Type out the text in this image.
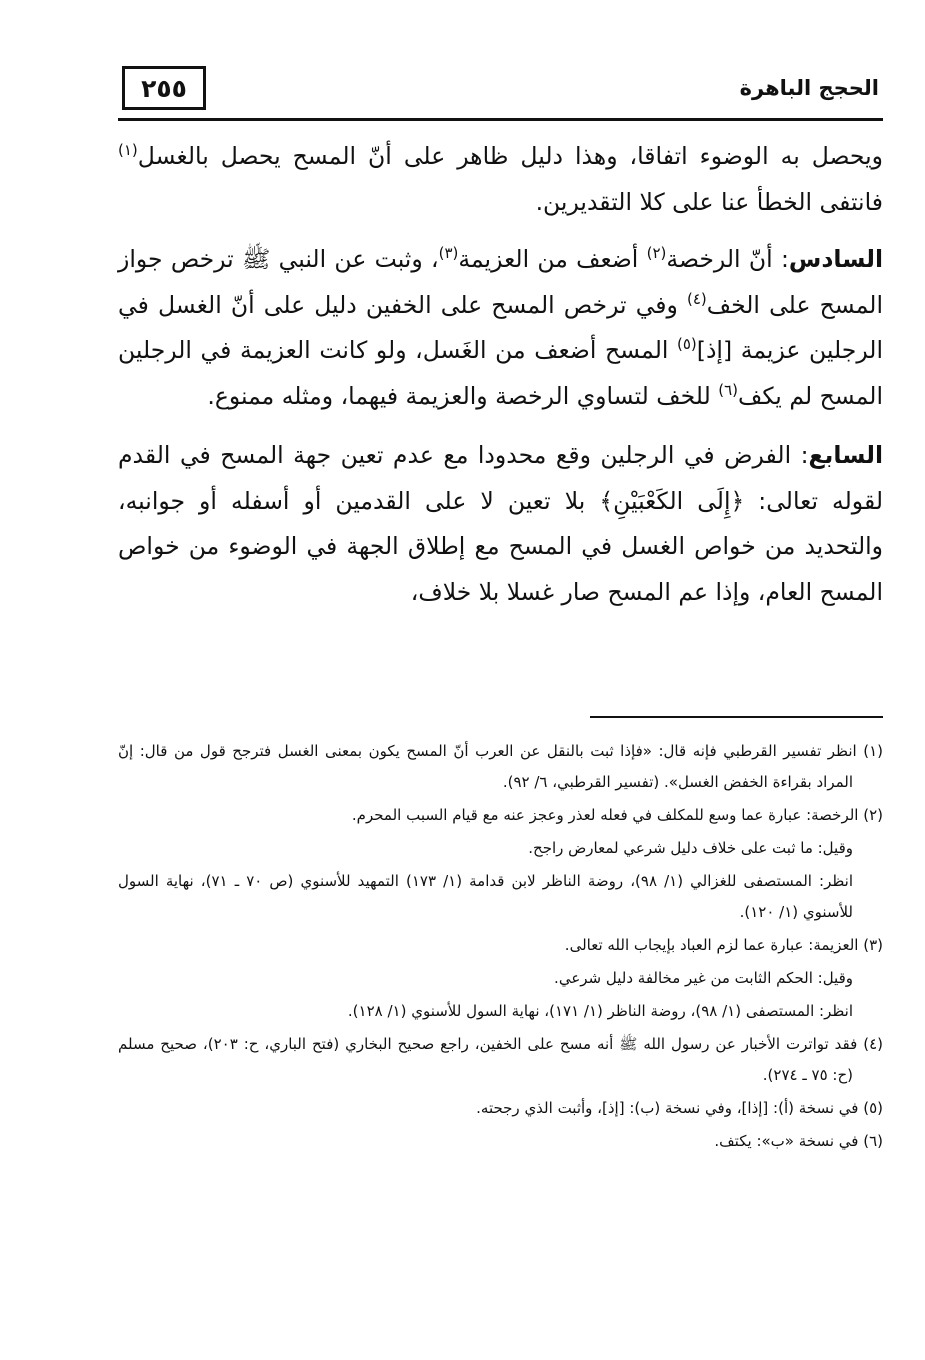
٢٥٥	الحجج الباهرة

ويحصل به الوضوء اتفاقا، وهذا دليل ظاهر على أنّ المسح يحصل بالغسل$^{(١)}$ فانتفى الخطأ عنا على كلا التقديرين.

السادس: أنّ الرخصة$^{(٢)}$ أضعف من العزيمة$^{(٣)}$، وثبت عن النبي ﷺ ترخص جواز المسح على الخف$^{(٤)}$ وفي ترخص المسح على الخفين دليل على أنّ الغسل في الرجلين عزيمة [إذ]$^{(٥)}$ المسح أضعف من الغَسل، ولو كانت العزيمة في الرجلين المسح لم يكف$^{(٦)}$ للخف لتساوي الرخصة والعزيمة فيهما، ومثله ممنوع.

السابع: الفرض في الرجلين وقع محدودا مع عدم تعين جهة المسح في القدم لقوله تعالى: ﴿إِلَى الكَعْبَيْنِ﴾ بلا تعين لا على القدمين أو أسفله أو جوانبه، والتحديد من خواص الغسل في المسح مع إطلاق الجهة في الوضوء من خواص المسح العام، وإذا عم المسح صار غسلا بلا خلاف،

(١) انظر تفسير القرطبي فإنه قال: «فإذا ثبت بالنقل عن العرب أنّ المسح يكون بمعنى الغسل فترجح قول من قال: إنّ المراد بقراءة الخفض الغسل». (تفسير القرطبي، ٦/ ٩٢).

(٢) الرخصة: عبارة عما وسع للمكلف في فعله لعذر وعجز عنه مع قيام السبب المحرم.

وقيل: ما ثبت على خلاف دليل شرعي لمعارض راجح.

انظر: المستصفى للغزالي (١/ ٩٨)، روضة الناظر لابن قدامة (١/ ١٧٣) التمهيد للأسنوي (ص ٧٠ ـ ٧١)، نهاية السول للأسنوي (١/ ١٢٠).

(٣) العزيمة: عبارة عما لزم العباد بإيجاب الله تعالى.

وقيل: الحكم الثابت من غير مخالفة دليل شرعي.

انظر: المستصفى (١/ ٩٨)، روضة الناظر (١/ ١٧١)، نهاية السول للأسنوي (١/ ١٢٨).

(٤) فقد تواترت الأخبار عن رسول الله ﷺ أنه مسح على الخفين، راجع صحيح البخاري (فتح الباري، ح: ٢٠٣)، صحيح مسلم (ح: ٧٥ ـ ٢٧٤).

(٥) في نسخة (أ): [إذا]، وفي نسخة (ب): [إذ]، وأثبت الذي رجحته.

(٦) في نسخة «ب»: يكتف.
